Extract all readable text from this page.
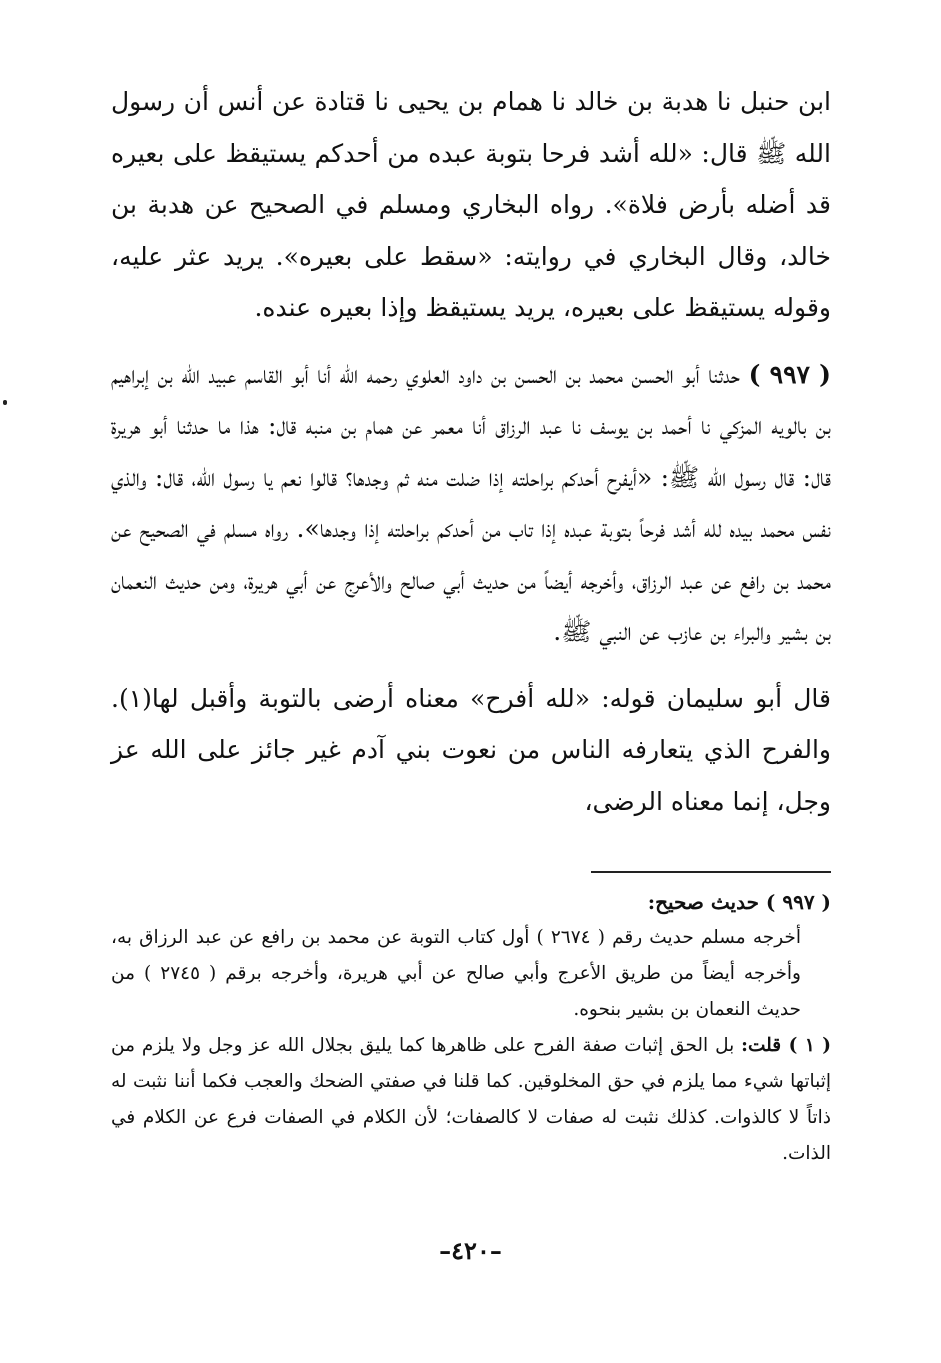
ابن حنبل نا هدبة بن خالد نا همام بن يحيى نا قتادة عن أنس أن رسول الله ﷺ قال: «لله أشد فرحا بتوبة عبده من أحدكم يستيقظ على بعيره قد أضله بأرض فلاة». رواه البخاري ومسلم في الصحيح عن هدبة بن خالد، وقال البخاري في روايته: «سقط على بعيره». يريد عثر عليه، وقوله يستيقظ على بعيره، يريد يستيقظ وإذا بعيره عنده.

( ٩٩٧ ) حدثنا أبو الحسن محمد بن الحسن بن داود العلوي رحمه الله أنا أبو القاسم عبيد الله بن إبراهيم بن بالويه المزكي نا أحمد بن يوسف نا عبد الرزاق أنا معمر عن همام بن منبه قال: هذا ما حدثنا أبو هريرة قال: قال رسول الله ﷺ: «أيفرح أحدكم براحلته إذا ضلت منه ثم وجدها؟ قالوا نعم يا رسول الله، قال: والذي نفس محمد بيده لله أشد فرحاً بتوبة عبده إذا تاب من أحدكم براحلته إذا وجدها». رواه مسلم في الصحيح عن محمد بن رافع عن عبد الرزاق، وأخرجه أيضاً من حديث أبي صالح والأعرج عن أبي هريرة، ومن حديث النعمان بن بشير والبراء بن عازب عن النبي ﷺ.

قال أبو سليمان قوله: «لله أفرح» معناه أرضى بالتوبة وأقبل لها(١). والفرح الذي يتعارفه الناس من نعوت بني آدم غير جائز على الله عز وجل، إنما معناه الرضى،

( ٩٩٧ ) حديث صحيح:

أخرجه مسلم حديث رقم ( ٢٦٧٤ ) أول كتاب التوبة عن محمد بن رافع عن عبد الرزاق به، وأخرجه أيضاً من طريق الأعرج وأبي صالح عن أبي هريرة، وأخرجه برقم ( ٢٧٤٥ ) من حديث النعمان بن بشير بنحوه.

( ١ ) قلت: بل الحق إثبات صفة الفرح على ظاهرها كما يليق بجلال الله عز وجل ولا يلزم من إثباتها شيء مما يلزم في حق المخلوقين. كما قلنا في صفتي الضحك والعجب فكما أننا نثبت له ذاتاً لا كالذوات. كذلك نثبت له صفات لا كالصفات؛ لأن الكلام في الصفات فرع عن الكلام في الذات.

–٤٢٠–
